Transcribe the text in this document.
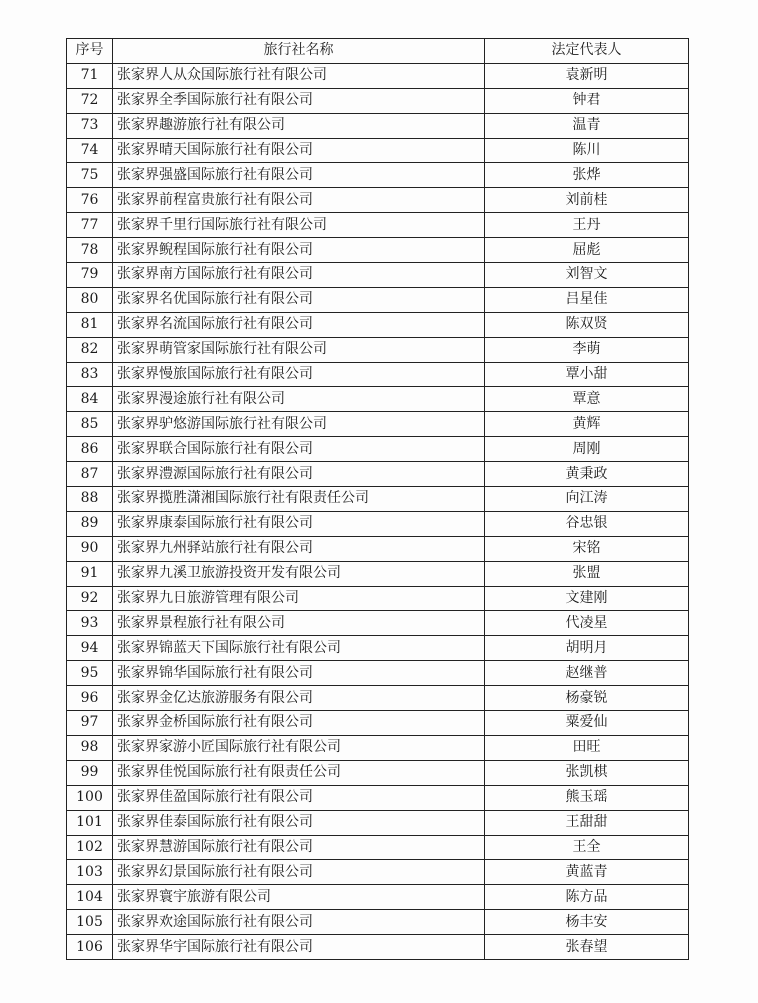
序号	旅行社名称	法定代表人
71	张家界人从众国际旅行社有限公司	袁新明
72	张家界全季国际旅行社有限公司	钟君
73	张家界趣游旅行社有限公司	温青
74	张家界晴天国际旅行社有限公司	陈川
75	张家界强盛国际旅行社有限公司	张烨
76	张家界前程富贵旅行社有限公司	刘前桂
77	张家界千里行国际旅行社有限公司	王丹
78	张家界鲵程国际旅行社有限公司	屈彪
79	张家界南方国际旅行社有限公司	刘智文
80	张家界名优国际旅行社有限公司	吕星佳
81	张家界名流国际旅行社有限公司	陈双贤
82	张家界萌管家国际旅行社有限公司	李萌
83	张家界慢旅国际旅行社有限公司	覃小甜
84	张家界漫途旅行社有限公司	覃意
85	张家界驴悠游国际旅行社有限公司	黄辉
86	张家界联合国际旅行社有限公司	周刚
87	张家界澧源国际旅行社有限公司	黄秉政
88	张家界揽胜潇湘国际旅行社有限责任公司	向江涛
89	张家界康泰国际旅行社有限公司	谷忠银
90	张家界九州驿站旅行社有限公司	宋铭
91	张家界九溪卫旅游投资开发有限公司	张盟
92	张家界九日旅游管理有限公司	文建刚
93	张家界景程旅行社有限公司	代凌星
94	张家界锦蓝天下国际旅行社有限公司	胡明月
95	张家界锦华国际旅行社有限公司	赵继普
96	张家界金亿达旅游服务有限公司	杨豪锐
97	张家界金桥国际旅行社有限公司	粟爱仙
98	张家界家游小匠国际旅行社有限公司	田旺
99	张家界佳悦国际旅行社有限责任公司	张凯棋
100	张家界佳盈国际旅行社有限公司	熊玉瑶
101	张家界佳泰国际旅行社有限公司	王甜甜
102	张家界慧游国际旅行社有限公司	王全
103	张家界幻景国际旅行社有限公司	黄蓝青
104	张家界寰宇旅游有限公司	陈方品
105	张家界欢途国际旅行社有限公司	杨丰安
106	张家界华宇国际旅行社有限公司	张春望
